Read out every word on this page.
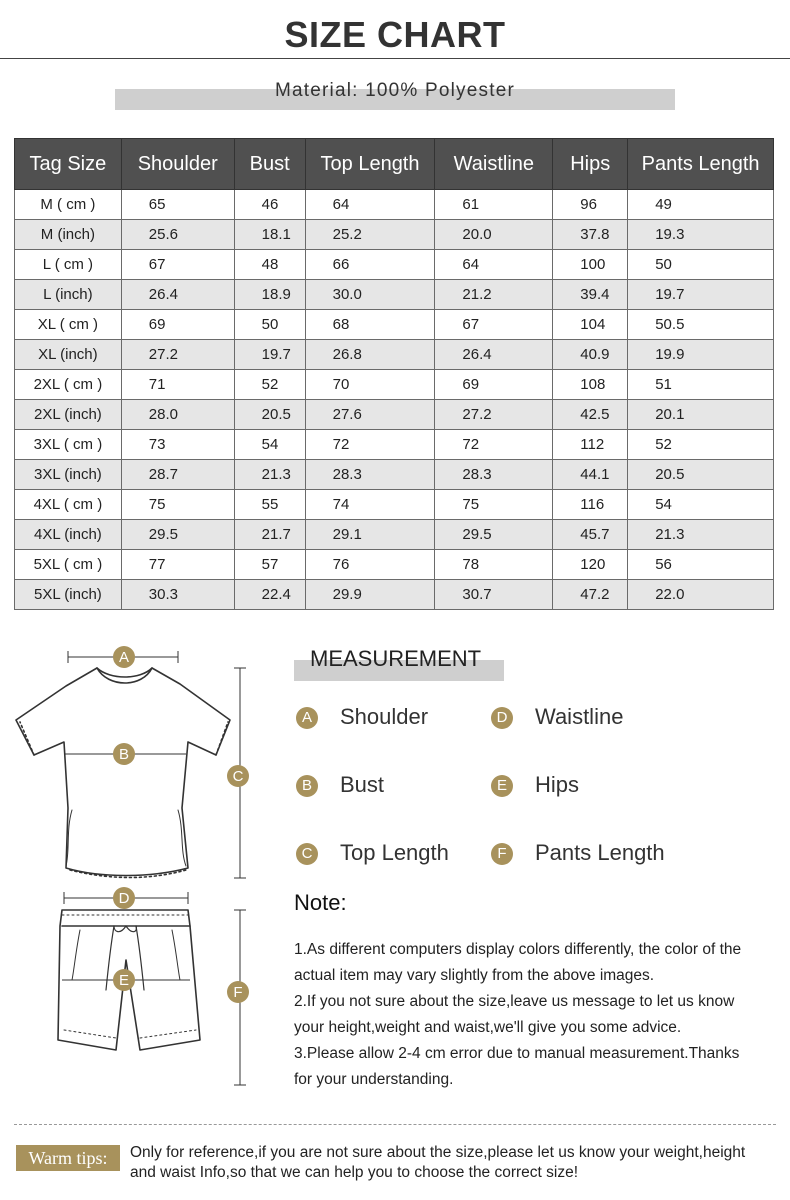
SIZE CHART
Material: 100% Polyester
Tag Size	Shoulder	Bust	Top Length	Waistline	Hips	Pants Length
M ( cm )	65	46	64	61	96	49
M (inch)	25.6	18.1	25.2	20.0	37.8	19.3
L ( cm )	67	48	66	64	100	50
L (inch)	26.4	18.9	30.0	21.2	39.4	19.7
XL ( cm )	69	50	68	67	104	50.5
XL (inch)	27.2	19.7	26.8	26.4	40.9	19.9
2XL ( cm )	71	52	70	69	108	51
2XL (inch)	28.0	20.5	27.6	27.2	42.5	20.1
3XL ( cm )	73	54	72	72	112	52
3XL (inch)	28.7	21.3	28.3	28.3	44.1	20.5
4XL ( cm )	75	55	74	75	116	54
4XL (inch)	29.5	21.7	29.1	29.5	45.7	21.3
5XL ( cm )	77	57	76	78	120	56
5XL (inch)	30.3	22.4	29.9	30.7	47.2	22.0
A
B
C
D
E
F
MEASUREMENT
A Shoulder
B Bust
C Top Length
D Waistline
E Hips
F Pants Length
Note:
1.As different computers display colors differently, the color of the
actual item may vary slightly from the above images.
2.If you not sure about the size,leave us message to let us know
your height,weight and waist,we'll give you some advice.
3.Please allow 2-4 cm error due to manual measurement.Thanks
for your understanding.
Warm tips:	Only for reference,if you are not sure about the size,please let us know your weight,height
and waist Info,so that we can help you to choose the correct size!
